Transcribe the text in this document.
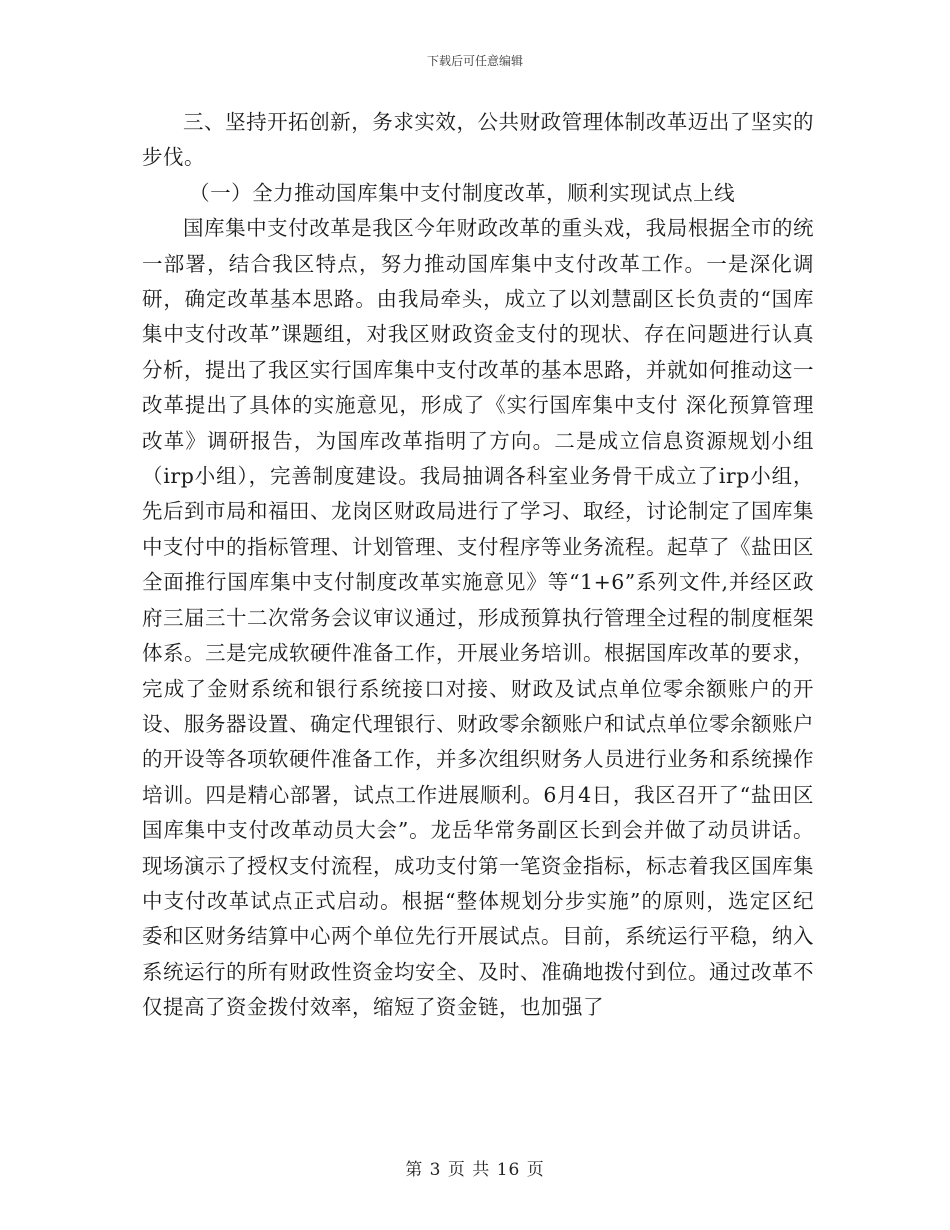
下载后可任意编辑

三、坚持开拓创新，务求实效，公共财政管理体制改革迈出了坚实的步伐。

（一）全力推动国库集中支付制度改革，顺利实现试点上线

国库集中支付改革是我区今年财政改革的重头戏，我局根据全市的统一部署，结合我区特点，努力推动国库集中支付改革工作。一是深化调研，确定改革基本思路。由我局牵头，成立了以刘慧副区长负责的“国库集中支付改革”课题组，对我区财政资金支付的现状、存在问题进行认真分析，提出了我区实行国库集中支付改革的基本思路，并就如何推动这一改革提出了具体的实施意见，形成了《实行国库集中支付 深化预算管理改革》调研报告，为国库改革指明了方向。二是成立信息资源规划小组（irp小组），完善制度建设。我局抽调各科室业务骨干成立了irp小组，先后到市局和福田、龙岗区财政局进行了学习、取经，讨论制定了国库集中支付中的指标管理、计划管理、支付程序等业务流程。起草了《盐田区全面推行国库集中支付制度改革实施意见》等“1+6”系列文件,并经区政府三届三十二次常务会议审议通过，形成预算执行管理全过程的制度框架体系。三是完成软硬件准备工作，开展业务培训。根据国库改革的要求，完成了金财系统和银行系统接口对接、财政及试点单位零余额账户的开设、服务器设置、确定代理银行、财政零余额账户和试点单位零余额账户的开设等各项软硬件准备工作，并多次组织财务人员进行业务和系统操作培训。四是精心部署，试点工作进展顺利。6月4日，我区召开了“盐田区国库集中支付改革动员大会”。龙岳华常务副区长到会并做了动员讲话。现场演示了授权支付流程，成功支付第一笔资金指标，标志着我区国库集中支付改革试点正式启动。根据“整体规划分步实施”的原则，选定区纪委和区财务结算中心两个单位先行开展试点。目前，系统运行平稳，纳入系统运行的所有财政性资金均安全、及时、准确地拨付到位。通过改革不仅提高了资金拨付效率，缩短了资金链，也加强了

第 3 页 共 16 页
